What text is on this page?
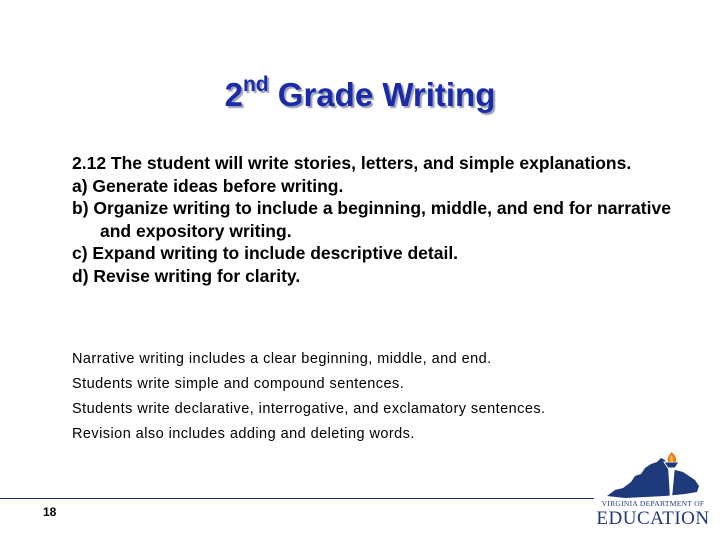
2nd Grade Writing

2.12 The student will write stories, letters, and simple explanations.

a) Generate ideas before writing.

b) Organize writing to include a beginning, middle, and end for narrative and expository writing.

c) Expand writing to include descriptive detail.

d) Revise writing for clarity.

Narrative writing includes a clear beginning, middle, and end.
Students write simple and compound sentences.
Students write declarative, interrogative, and exclamatory sentences.
Revision also includes adding and deleting words.
18
VIRGINIA DEPARTMENT OF
EDUCATION
